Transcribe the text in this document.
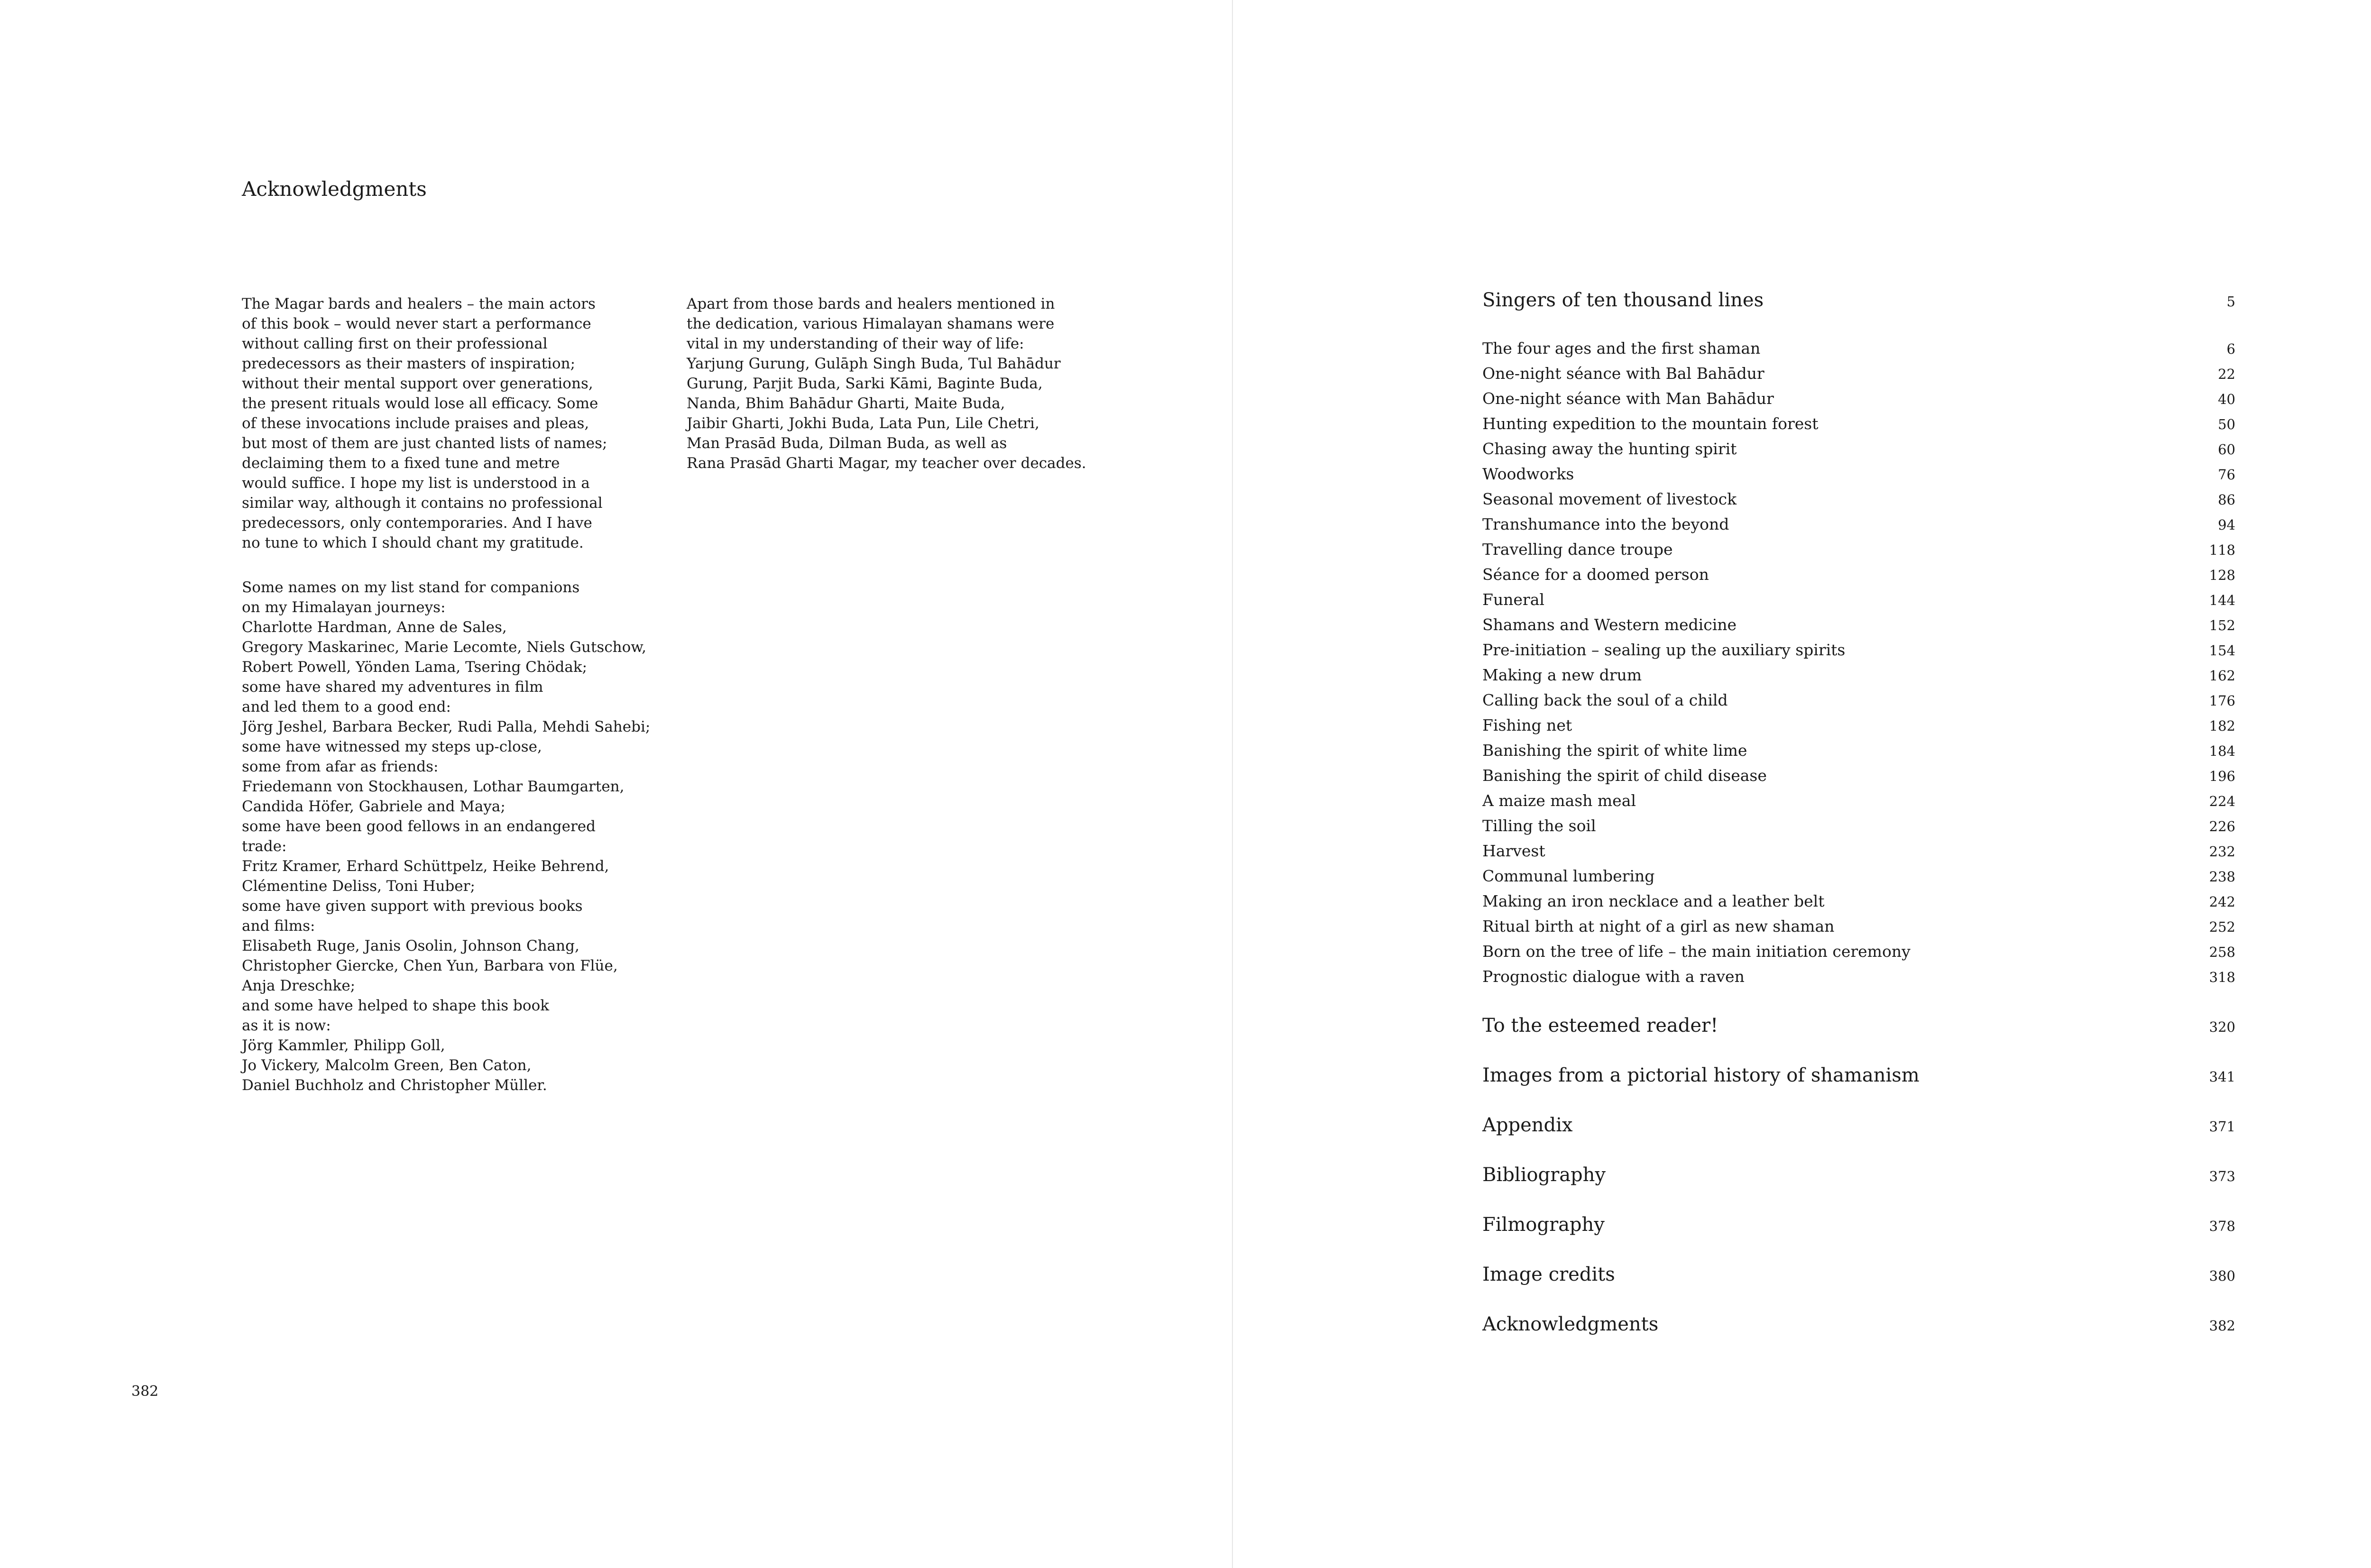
Acknowledgments

The Magar bards and healers – the main actors
of this book – would never start a performance
without calling first on their professional
predecessors as their masters of inspiration;
without their mental support over generations,
the present rituals would lose all efficacy. Some
of these invocations include praises and pleas,
but most of them are just chanted lists of names;
declaiming them to a fixed tune and metre
would suffice. I hope my list is understood in a
similar way, although it contains no professional
predecessors, only contemporaries. And I have
no tune to which I should chant my gratitude.

Some names on my list stand for companions
on my Himalayan journeys:
Charlotte Hardman, Anne de Sales,
Gregory Maskarinec, Marie Lecomte, Niels Gutschow,
Robert Powell, Yönden Lama, Tsering Chödak;
some have shared my adventures in film
and led them to a good end:
Jörg Jeshel, Barbara Becker, Rudi Palla, Mehdi Sahebi;
some have witnessed my steps up-close,
some from afar as friends:
Friedemann von Stockhausen, Lothar Baumgarten,
Candida Höfer, Gabriele and Maya;
some have been good fellows in an endangered
trade:
Fritz Kramer, Erhard Schüttpelz, Heike Behrend,
Clémentine Deliss, Toni Huber;
some have given support with previous books
and films:
Elisabeth Ruge, Janis Osolin, Johnson Chang,
Christopher Giercke, Chen Yun, Barbara von Flüe,
Anja Dreschke;
and some have helped to shape this book
as it is now:
Jörg Kammler, Philipp Goll,
Jo Vickery, Malcolm Green, Ben Caton,
Daniel Buchholz and Christopher Müller.

Apart from those bards and healers mentioned in
the dedication, various Himalayan shamans were
vital in my understanding of their way of life:
Yarjung Gurung, Gulāph Singh Buda, Tul Bahādur
Gurung, Parjit Buda, Sarki Kāmi, Baginte Buda,
Nanda, Bhim Bahādur Gharti, Maite Buda,
Jaibir Gharti, Jokhi Buda, Lata Pun, Lile Chetri,
Man Prasād Buda, Dilman Buda, as well as
Rana Prasād Gharti Magar, my teacher over decades.

382
Singers of ten thousand lines	5
The four ages and the first shaman	6
One-night séance with Bal Bahādur	22
One-night séance with Man Bahādur	40
Hunting expedition to the mountain forest	50
Chasing away the hunting spirit	60
Woodworks	76
Seasonal movement of livestock	86
Transhumance into the beyond	94
Travelling dance troupe	118
Séance for a doomed person	128
Funeral	144
Shamans and Western medicine	152
Pre-initiation – sealing up the auxiliary spirits	154
Making a new drum	162
Calling back the soul of a child	176
Fishing net	182
Banishing the spirit of white lime	184
Banishing the spirit of child disease	196
A maize mash meal	224
Tilling the soil	226
Harvest	232
Communal lumbering	238
Making an iron necklace and a leather belt	242
Ritual birth at night of a girl as new shaman	252
Born on the tree of life – the main initiation ceremony	258
Prognostic dialogue with a raven	318
To the esteemed reader!	320
Images from a pictorial history of shamanism	341
Appendix	371
Bibliography	373
Filmography	378
Image credits	380
Acknowledgments	382
